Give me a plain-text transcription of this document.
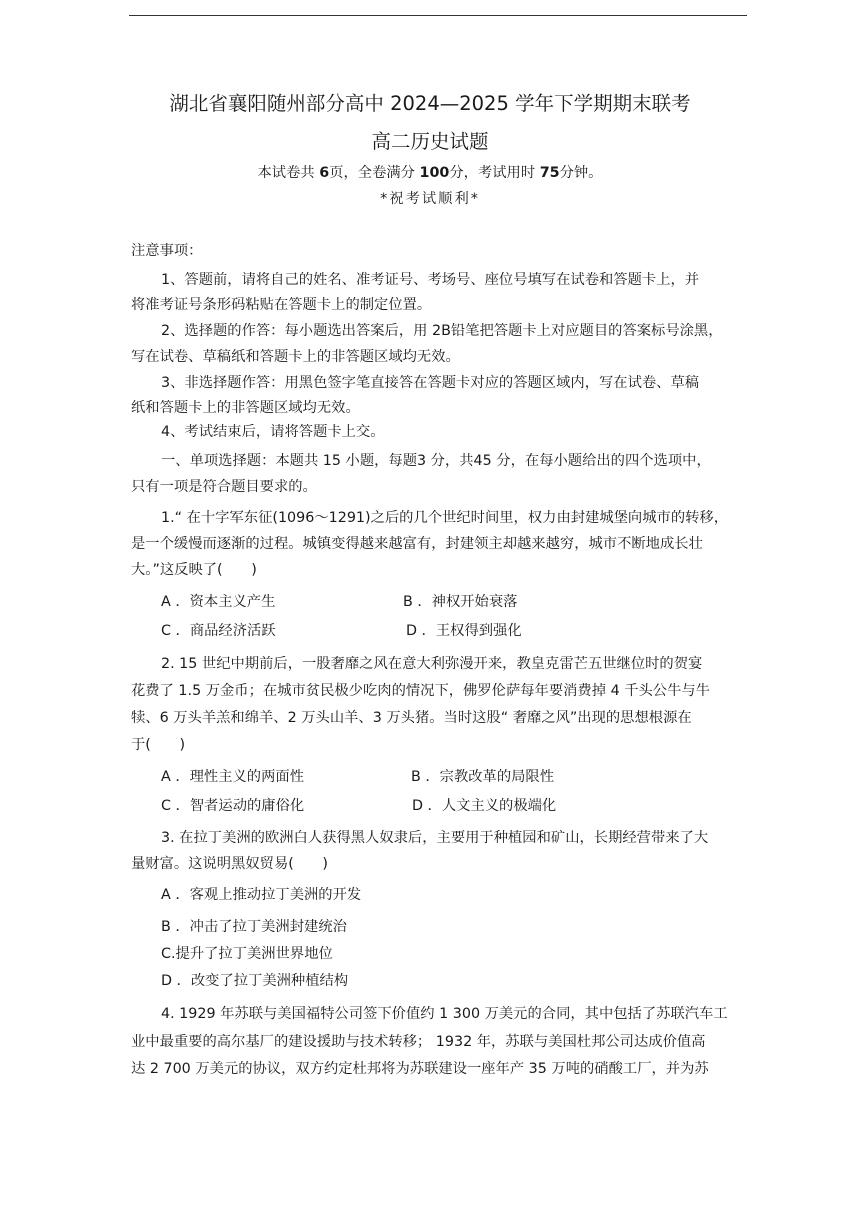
湖北省襄阳随州部分高中 2024—2025 学年下学期期末联考
高二历史试题
本试卷共 6页，全卷满分 100分，考试用时 75分钟。
*祝考试顺利*
注意事项：
1、答题前，请将自己的姓名、准考证号、考场号、座位号填写在试卷和答题卡上，并
将准考证号条形码粘贴在答题卡上的制定位置。
2、选择题的作答：每小题选出答案后，用 2B铅笔把答题卡上对应题目的答案标号涂黑，
写在试卷、草稿纸和答题卡上的非答题区域均无效。
3、非选择题作答：用黑色签字笔直接答在答题卡对应的答题区域内，写在试卷、草稿
纸和答题卡上的非答题区域均无效。
4、考试结束后，请将答题卡上交。
一、单项选择题：本题共 15 小题，每题3 分，共45 分，在每小题给出的四个选项中，
只有一项是符合题目要求的。
1.“ 在十字军东征(1096～1291)之后的几个世纪时间里，权力由封建城堡向城市的转移，
是一个缓慢而逐渐的过程。城镇变得越来越富有，封建领主却越来越穷，城市不断地成长壮
大。”这反映了(　　)
A ．资本主义产生	B ．神权开始衰落
C ．商品经济活跃	D ．王权得到强化
2. 15 世纪中期前后，一股奢靡之风在意大利弥漫开来，教皇克雷芒五世继位时的贺宴
花费了 1.5 万金币；在城市贫民极少吃肉的情况下，佛罗伦萨每年要消费掉 4 千头公牛与牛
犊、6 万头羊羔和绵羊、2 万头山羊、3 万头猪。当时这股“ 奢靡之风”出现的思想根源在
于(　　)
A ．理性主义的两面性	B ．宗教改革的局限性
C ．智者运动的庸俗化	D ．人文主义的极端化
3. 在拉丁美洲的欧洲白人获得黑人奴隶后，主要用于种植园和矿山，长期经营带来了大
量财富。这说明黑奴贸易(　　)
A ．客观上推动拉丁美洲的开发
B ．冲击了拉丁美洲封建统治
C.提升了拉丁美洲世界地位
D ．改变了拉丁美洲种植结构
4. 1929 年苏联与美国福特公司签下价值约 1 300 万美元的合同，其中包括了苏联汽车工
业中最重要的高尔基厂的建设援助与技术转移； 1932 年，苏联与美国杜邦公司达成价值高
达 2 700 万美元的协议，双方约定杜邦将为苏联建设一座年产 35 万吨的硝酸工厂，并为苏
